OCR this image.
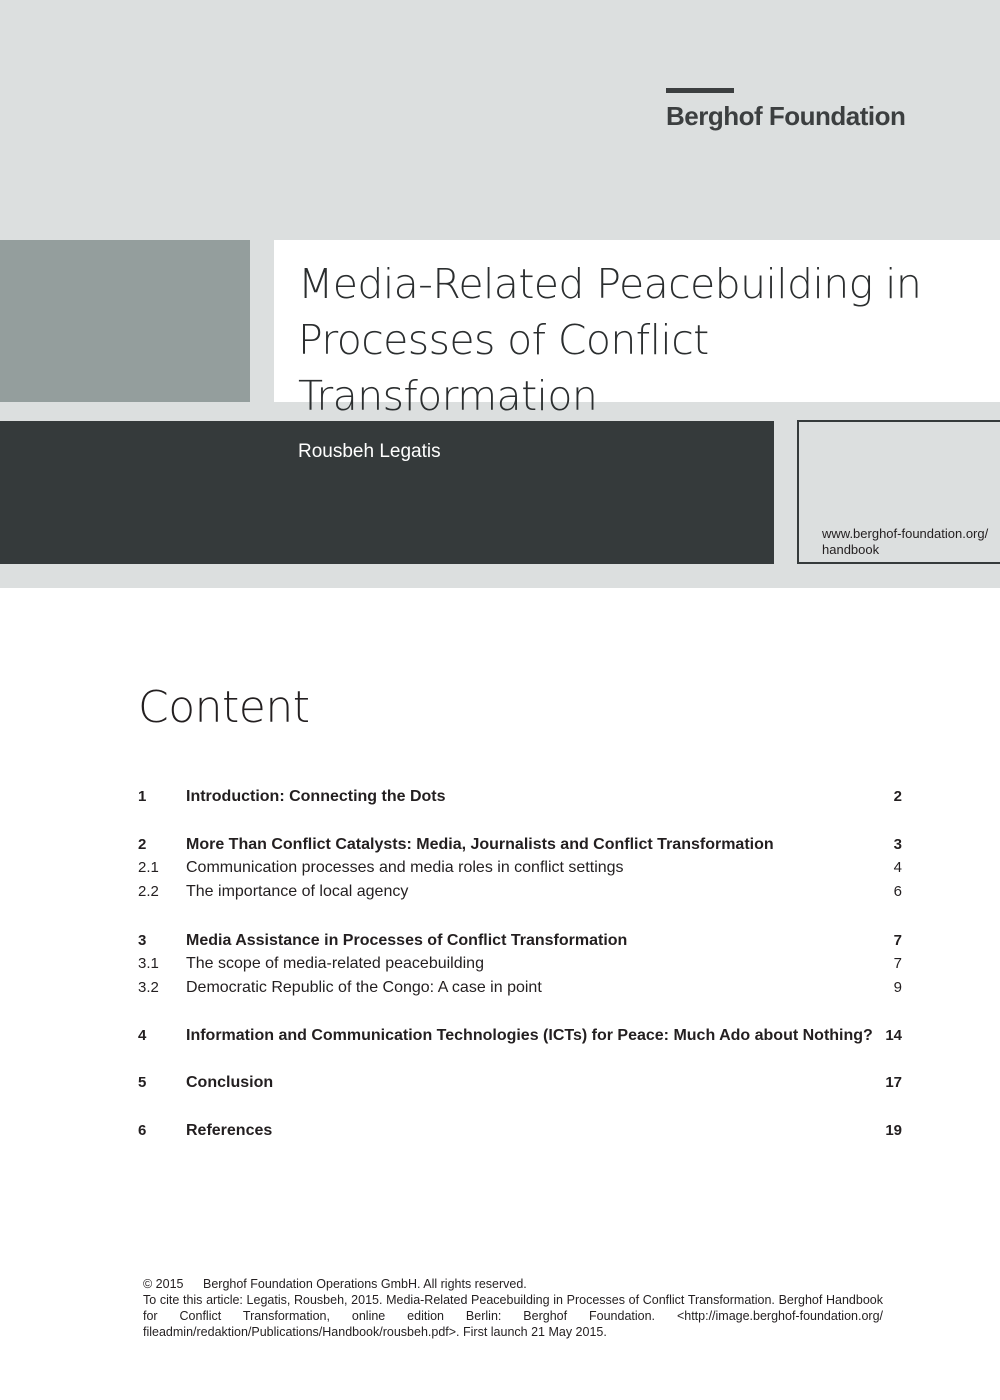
Berghof Foundation
Media-Related Peacebuilding in
Processes of Conflict Transformation
Rousbeh Legatis
www.berghof-foundation.org/
handbook
Content
1 Introduction: Connecting the Dots	2
2 More Than Conflict Catalysts: Media, Journalists and Conflict Transformation	3
2.1 Communication processes and media roles in conflict settings	4
2.2 The importance of local agency	6
3 Media Assistance in Processes of Conflict Transformation	7
3.1 The scope of media-related peacebuilding	7
3.2 Democratic Republic of the Congo: A case in point	9
4 Information and Communication Technologies (ICTs) for Peace: Much Ado about Nothing? 14
5 Conclusion	17
6 References	19
© 2015 Berghof Foundation Operations GmbH. All rights reserved.

To cite this article: Legatis, Rousbeh, 2015. Media-Related Peacebuilding in Processes of Conflict Transformation. Berghof Handbook for Conflict Transformation, online edition Berlin: Berghof Foundation. <http://image.berghof-foundation.org/ fileadmin/redaktion/Publications/Handbook/rousbeh.pdf>. First launch 21 May 2015.
